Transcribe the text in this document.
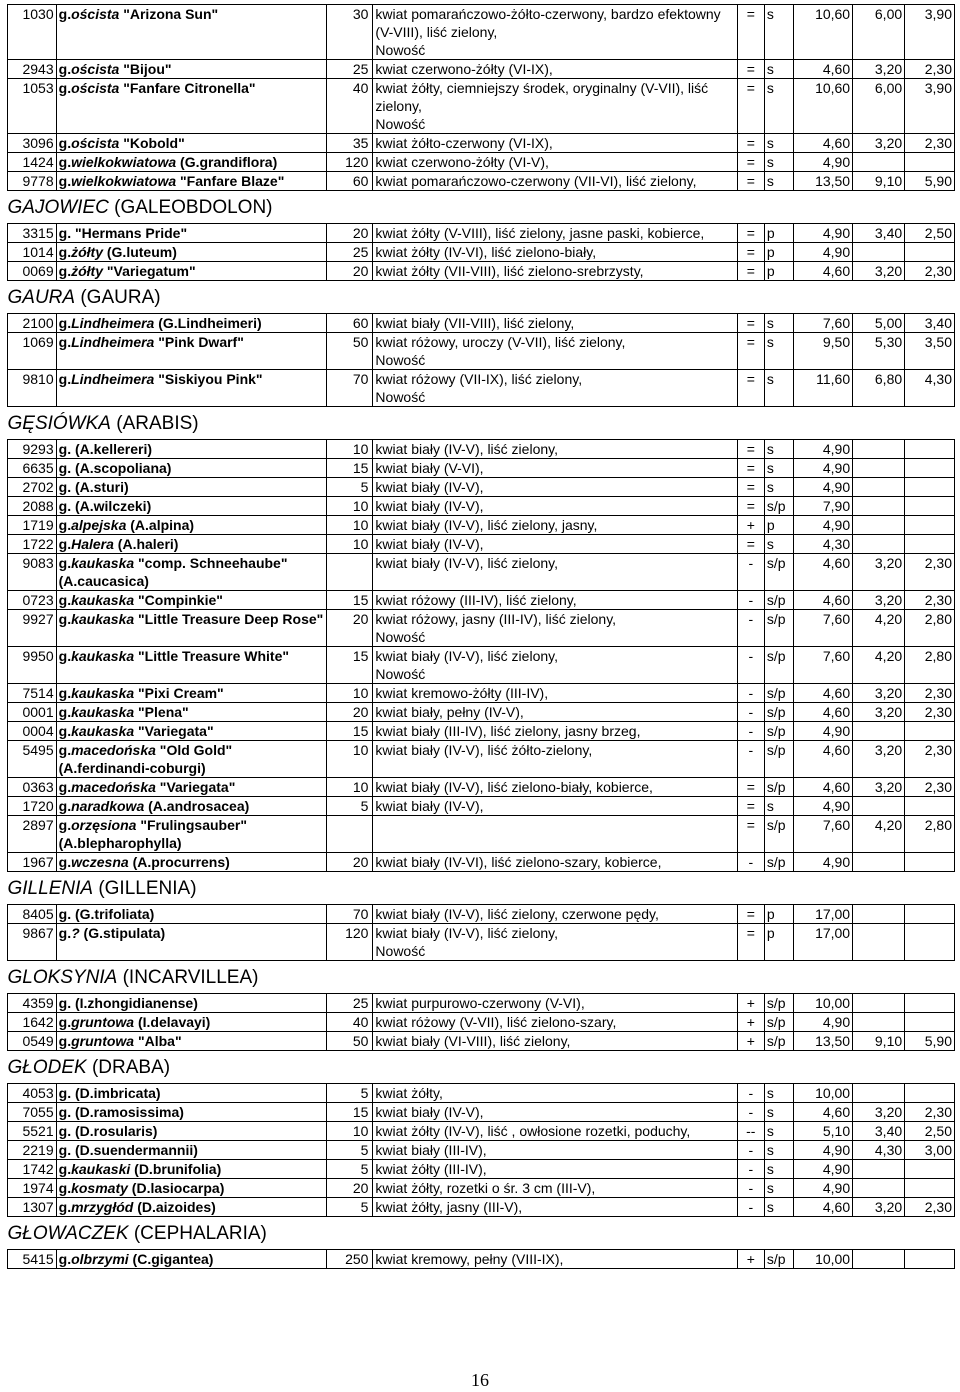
1030	g.oścista "Arizona Sun"	30	kwiat pomarańczowo-żółto-czerwony, bardzo efektowny (V-VIII), liść zielony,
Nowość	=	s	10,60	6,00	3,90
2943	g.oścista "Bijou"	25	kwiat czerwono-żółty (VI-IX),	=	s	4,60	3,20	2,30
1053	g.oścista "Fanfare Citronella"	40	kwiat żółty, ciemniejszy środek, oryginalny (V-VII), liść zielony,
Nowość	=	s	10,60	6,00	3,90
3096	g.oścista "Kobold"	35	kwiat żółto-czerwony (VI-IX),	=	s	4,60	3,20	2,30
1424	g.wielkokwiatowa (G.grandiflora)	120	kwiat czerwono-żółty (VI-V),	=	s	4,90		
9778	g.wielkokwiatowa "Fanfare Blaze"	60	kwiat pomarańczowo-czerwony (VII-VI), liść zielony,	=	s	13,50	9,10	5,90
GAJOWIEC (GALEOBDOLON)								
3315	g. "Hermans Pride"	20	kwiat żółty (V-VIII), liść zielony, jasne paski, kobierce,	=	p	4,90	3,40	2,50
1014	g.żółty (G.luteum)	25	kwiat żółty (IV-VI), liść zielono-biały,	=	p	4,90		
0069	g.żółty "Variegatum"	20	kwiat żółty (VII-VIII), liść zielono-srebrzysty,	=	p	4,60	3,20	2,30
GAURA (GAURA)								
2100	g.Lindheimera (G.Lindheimeri)	60	kwiat biały (VII-VIII), liść zielony,	=	s	7,60	5,00	3,40
1069	g.Lindheimera "Pink Dwarf"	50	kwiat różowy, uroczy (V-VII), liść zielony,
Nowość	=	s	9,50	5,30	3,50
9810	g.Lindheimera "Siskiyou Pink"	70	kwiat różowy (VII-IX), liść zielony,
Nowość	=	s	11,60	6,80	4,30
GĘSIÓWKA (ARABIS)								
9293	g. (A.kellereri)	10	kwiat biały (IV-V), liść zielony,	=	s	4,90		
6635	g. (A.scopoliana)	15	kwiat biały (V-VI),	=	s	4,90		
2702	g. (A.sturi)	5	kwiat biały (IV-V),	=	s	4,90		
2088	g. (A.wilczeki)	10	kwiat biały (IV-V),	=	s/p	7,90		
1719	g.alpejska (A.alpina)	10	kwiat biały (IV-V), liść zielony, jasny,	+	p	4,90		
1722	g.Halera (A.haleri)	10	kwiat biały (IV-V),	=	s	4,30		
9083	g.kaukaska "comp. Schneehaube" (A.caucasica)		kwiat biały (IV-V), liść zielony,	-	s/p	4,60	3,20	2,30
0723	g.kaukaska "Compinkie"	15	kwiat różowy (III-IV), liść zielony,	-	s/p	4,60	3,20	2,30
9927	g.kaukaska "Little Treasure Deep Rose"	20	kwiat różowy, jasny (III-IV), liść zielony,
Nowość	-	s/p	7,60	4,20	2,80
9950	g.kaukaska "Little Treasure White"	15	kwiat biały (IV-V), liść zielony,
Nowość	-	s/p	7,60	4,20	2,80
7514	g.kaukaska "Pixi Cream"	10	kwiat kremowo-żółty (III-IV),	-	s/p	4,60	3,20	2,30
0001	g.kaukaska "Plena"	20	kwiat biały, pełny (IV-V),	-	s/p	4,60	3,20	2,30
0004	g.kaukaska "Variegata"	15	kwiat biały (III-IV), liść zielony, jasny brzeg,	-	s/p	4,90		
5495	g.macedońska "Old Gold" (A.ferdinandi-coburgi)	10	kwiat biały (IV-V), liść żółto-zielony,	-	s/p	4,60	3,20	2,30
0363	g.macedońska "Variegata"	10	kwiat biały (IV-V), liść zielono-biały, kobierce,	=	s/p	4,60	3,20	2,30
1720	g.naradkowa (A.androsacea)	5	kwiat biały (IV-V),	=	s	4,90		
2897	g.orzęsiona "Frulingsauber" (A.blepharophylla)			=	s/p	7,60	4,20	2,80
1967	g.wczesna (A.procurrens)	20	kwiat biały (IV-VI), liść zielono-szary, kobierce,	-	s/p	4,90		
GILLENIA (GILLENIA)								
8405	g. (G.trifoliata)	70	kwiat biały (IV-V), liść zielony, czerwone pędy,	=	p	17,00		
9867	g.? (G.stipulata)	120	kwiat biały (IV-V), liść zielony,
Nowość	=	p	17,00		
GLOKSYNIA (INCARVILLEA)								
4359	g. (I.zhongidianense)	25	kwiat purpurowo-czerwony (V-VI),	+	s/p	10,00		
1642	g.gruntowa (I.delavayi)	40	kwiat różowy (V-VII), liść zielono-szary,	+	s/p	4,90		
0549	g.gruntowa "Alba"	50	kwiat biały (VI-VIII), liść zielony,	+	s/p	13,50	9,10	5,90
GŁODEK (DRABA)								
4053	g. (D.imbricata)	5	kwiat żółty,	-	s	10,00		
7055	g. (D.ramosissima)	15	kwiat biały (IV-V),	-	s	4,60	3,20	2,30
5521	g. (D.rosularis)	10	kwiat żółty (IV-V), liść , owłosione rozetki, poduchy,	--	s	5,10	3,40	2,50
2219	g. (D.suendermannii)	5	kwiat biały (III-IV),	-	s	4,90	4,30	3,00
1742	g.kaukaski (D.brunifolia)	5	kwiat żółty (III-IV),	-	s	4,90		
1974	g.kosmaty (D.lasiocarpa)	20	kwiat żółty, rozetki o śr. 3 cm (III-V),	-	s	4,90		
1307	g.mrzygłód (D.aizoides)	5	kwiat żółty, jasny (III-V),	-	s	4,60	3,20	2,30
GŁOWACZEK (CEPHALARIA)								
5415	g.olbrzymi (C.gigantea)	250	kwiat kremowy, pełny (VIII-IX),	+	s/p	10,00		
16
